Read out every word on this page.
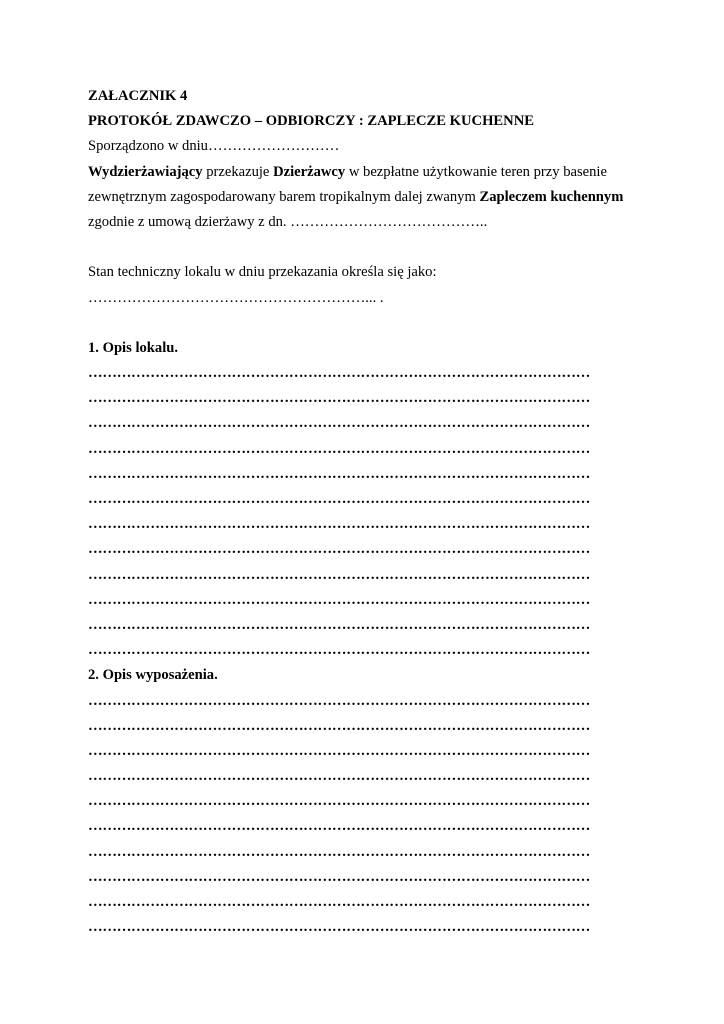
ZAŁACZNIK 4
PROTOKÓŁ ZDAWCZO – ODBIORCZY : ZAPLECZE KUCHENNE
Sporządzono w dniu………………………
Wydzierżawiający przekazuje Dzierżawcy w bezpłatne użytkowanie teren przy basenie
zewnętrznym zagospodarowany barem tropikalnym dalej zwanym Zapleczem kuchennym
zgodnie z umową dzierżawy z dn. …………………………………..
Stan techniczny lokalu w dniu przekazania określa się jako:
…………………………………………………... .
1. Opis lokalu.
……………………………………………………………………………………………
……………………………………………………………………………………………
……………………………………………………………………………………………
……………………………………………………………………………………………
……………………………………………………………………………………………
……………………………………………………………………………………………
……………………………………………………………………………………………
……………………………………………………………………………………………
……………………………………………………………………………………………
……………………………………………………………………………………………
……………………………………………………………………………………………
……………………………………………………………………………………………
2. Opis wyposażenia.
……………………………………………………………………………………………
……………………………………………………………………………………………
……………………………………………………………………………………………
……………………………………………………………………………………………
……………………………………………………………………………………………
……………………………………………………………………………………………
……………………………………………………………………………………………
……………………………………………………………………………………………
……………………………………………………………………………………………
……………………………………………………………………………………………
